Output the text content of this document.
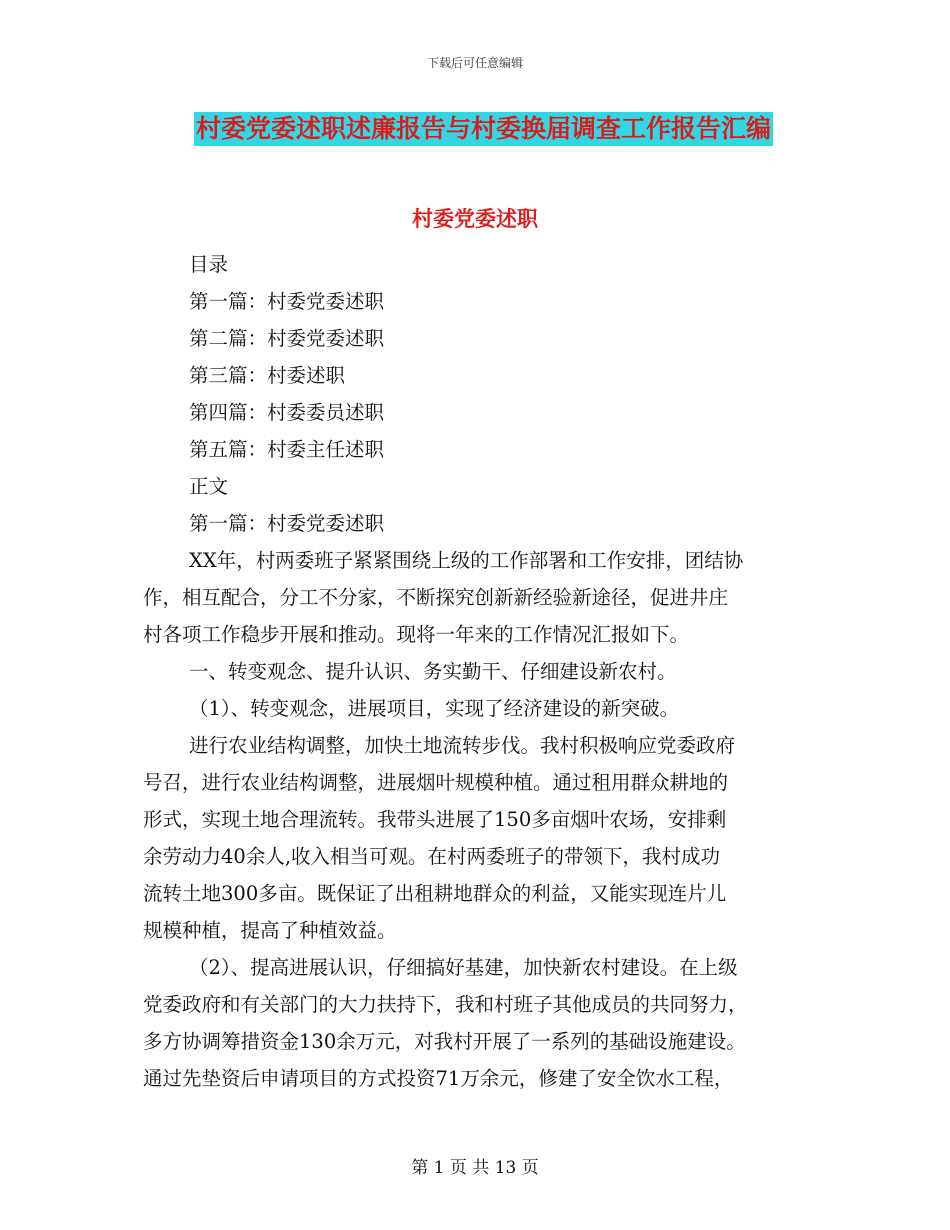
下载后可任意编辑
村委党委述职述廉报告与村委换届调查工作报告汇编
村委党委述职
目录
第一篇：村委党委述职
第二篇：村委党委述职
第三篇：村委述职
第四篇：村委委员述职
第五篇：村委主任述职
正文
第一篇：村委党委述职
XX年，村两委班子紧紧围绕上级的工作部署和工作安排，团结协
作，相互配合，分工不分家，不断探究创新新经验新途径，促进井庄
村各项工作稳步开展和推动。现将一年来的工作情况汇报如下。
一、转变观念、提升认识、务实勤干、仔细建设新农村。
（1）、转变观念，进展项目，实现了经济建设的新突破。
进行农业结构调整，加快土地流转步伐。我村积极响应党委政府
号召，进行农业结构调整，进展烟叶规模种植。通过租用群众耕地的
形式，实现土地合理流转。我带头进展了150多亩烟叶农场，安排剩
余劳动力40余人,收入相当可观。在村两委班子的带领下，我村成功
流转土地300多亩。既保证了出租耕地群众的利益，又能实现连片儿
规模种植，提高了种植效益。
（2）、提高进展认识，仔细搞好基建，加快新农村建设。在上级
党委政府和有关部门的大力扶持下，我和村班子其他成员的共同努力，
多方协调筹措资金130余万元，对我村开展了一系列的基础设施建设。
通过先垫资后申请项目的方式投资71万余元，修建了安全饮水工程，
第 1 页 共 13 页
